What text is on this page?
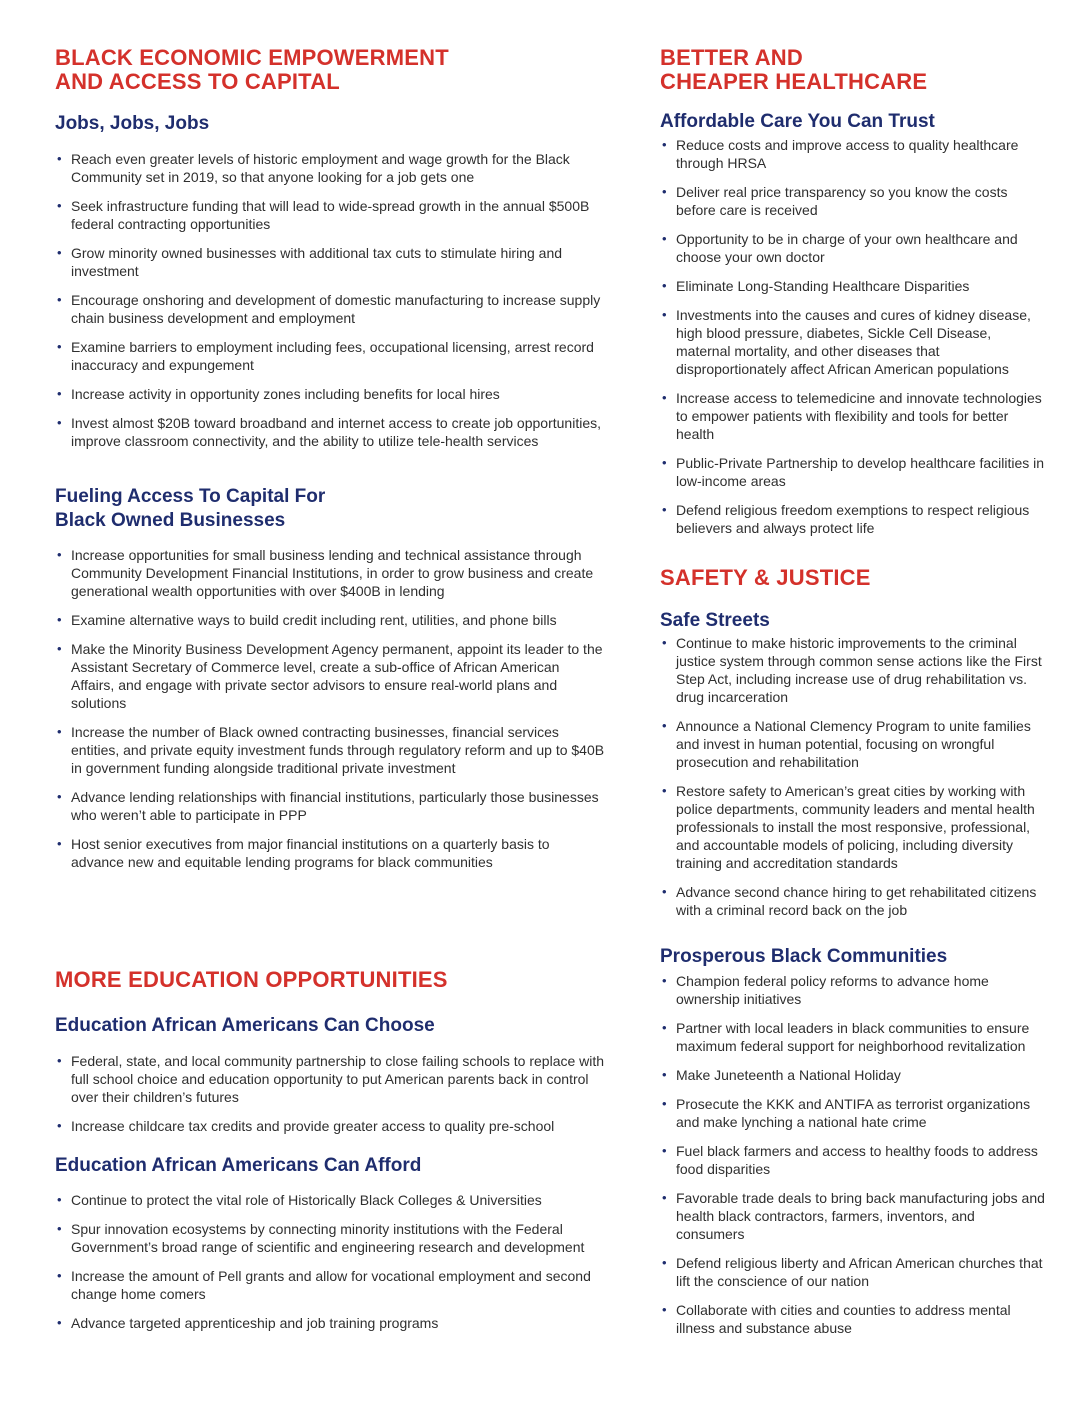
BLACK ECONOMIC EMPOWERMENT
AND ACCESS TO CAPITAL
Jobs, Jobs, Jobs
• Reach even greater levels of historic employment and wage growth for the Black Community set in 2019, so that anyone looking for a job gets one
• Seek infrastructure funding that will lead to wide-spread growth in the annual $500B federal contracting opportunities
• Grow minority owned businesses with additional tax cuts to stimulate hiring and investment
• Encourage onshoring and development of domestic manufacturing to increase supply chain business development and employment
• Examine barriers to employment including fees, occupational licensing, arrest record inaccuracy and expungement
• Increase activity in opportunity zones including benefits for local hires
• Invest almost $20B toward broadband and internet access to create job opportunities, improve classroom connectivity, and the ability to utilize tele-health services
Fueling Access To Capital For
Black Owned Businesses
• Increase opportunities for small business lending and technical assistance through Community Development Financial Institutions, in order to grow business and create generational wealth opportunities with over $400B in lending
• Examine alternative ways to build credit including rent, utilities, and phone bills
• Make the Minority Business Development Agency permanent, appoint its leader to the Assistant Secretary of Commerce level, create a sub-office of African American Affairs, and engage with private sector advisors to ensure real-world plans and solutions
• Increase the number of Black owned contracting businesses, financial services entities, and private equity investment funds through regulatory reform and up to $40B in government funding alongside traditional private investment
• Advance lending relationships with financial institutions, particularly those businesses who weren’t able to participate in PPP
• Host senior executives from major financial institutions on a quarterly basis to advance new and equitable lending programs for black communities
MORE EDUCATION OPPORTUNITIES
Education African Americans Can Choose
• Federal, state, and local community partnership to close failing schools to replace with full school choice and education opportunity to put American parents back in control over their children’s futures
• Increase childcare tax credits and provide greater access to quality pre-school
Education African Americans Can Afford
• Continue to protect the vital role of Historically Black Colleges & Universities
• Spur innovation ecosystems by connecting minority institutions with the Federal Government’s broad range of scientific and engineering research and development
• Increase the amount of Pell grants and allow for vocational employment and second change home comers
• Advance targeted apprenticeship and job training programs
BETTER AND
CHEAPER HEALTHCARE
Affordable Care You Can Trust
• Reduce costs and improve access to quality healthcare through HRSA
• Deliver real price transparency so you know the costs before care is received
• Opportunity to be in charge of your own healthcare and choose your own doctor
• Eliminate Long-Standing Healthcare Disparities
• Investments into the causes and cures of kidney disease, high blood pressure, diabetes, Sickle Cell Disease, maternal mortality, and other diseases that disproportionately affect African American populations
• Increase access to telemedicine and innovate technologies to empower patients with flexibility and tools for better health
• Public-Private Partnership to develop healthcare facilities in low-income areas
• Defend religious freedom exemptions to respect religious believers and always protect life
SAFETY & JUSTICE
Safe Streets
• Continue to make historic improvements to the criminal justice system through common sense actions like the First Step Act, including increase use of drug rehabilitation vs. drug incarceration
• Announce a National Clemency Program to unite families and invest in human potential, focusing on wrongful prosecution and rehabilitation
• Restore safety to American’s great cities by working with police departments, community leaders and mental health professionals to install the most responsive, professional, and accountable models of policing, including diversity training and accreditation standards
• Advance second chance hiring to get rehabilitated citizens with a criminal record back on the job
Prosperous Black Communities
• Champion federal policy reforms to advance home ownership initiatives
• Partner with local leaders in black communities to ensure maximum federal support for neighborhood revitalization
• Make Juneteenth a National Holiday
• Prosecute the KKK and ANTIFA as terrorist organizations and make lynching a national hate crime
• Fuel black farmers and access to healthy foods to address food disparities
• Favorable trade deals to bring back manufacturing jobs and health black contractors, farmers, inventors, and consumers
• Defend religious liberty and African American churches that lift the conscience of our nation
• Collaborate with cities and counties to address mental illness and substance abuse
